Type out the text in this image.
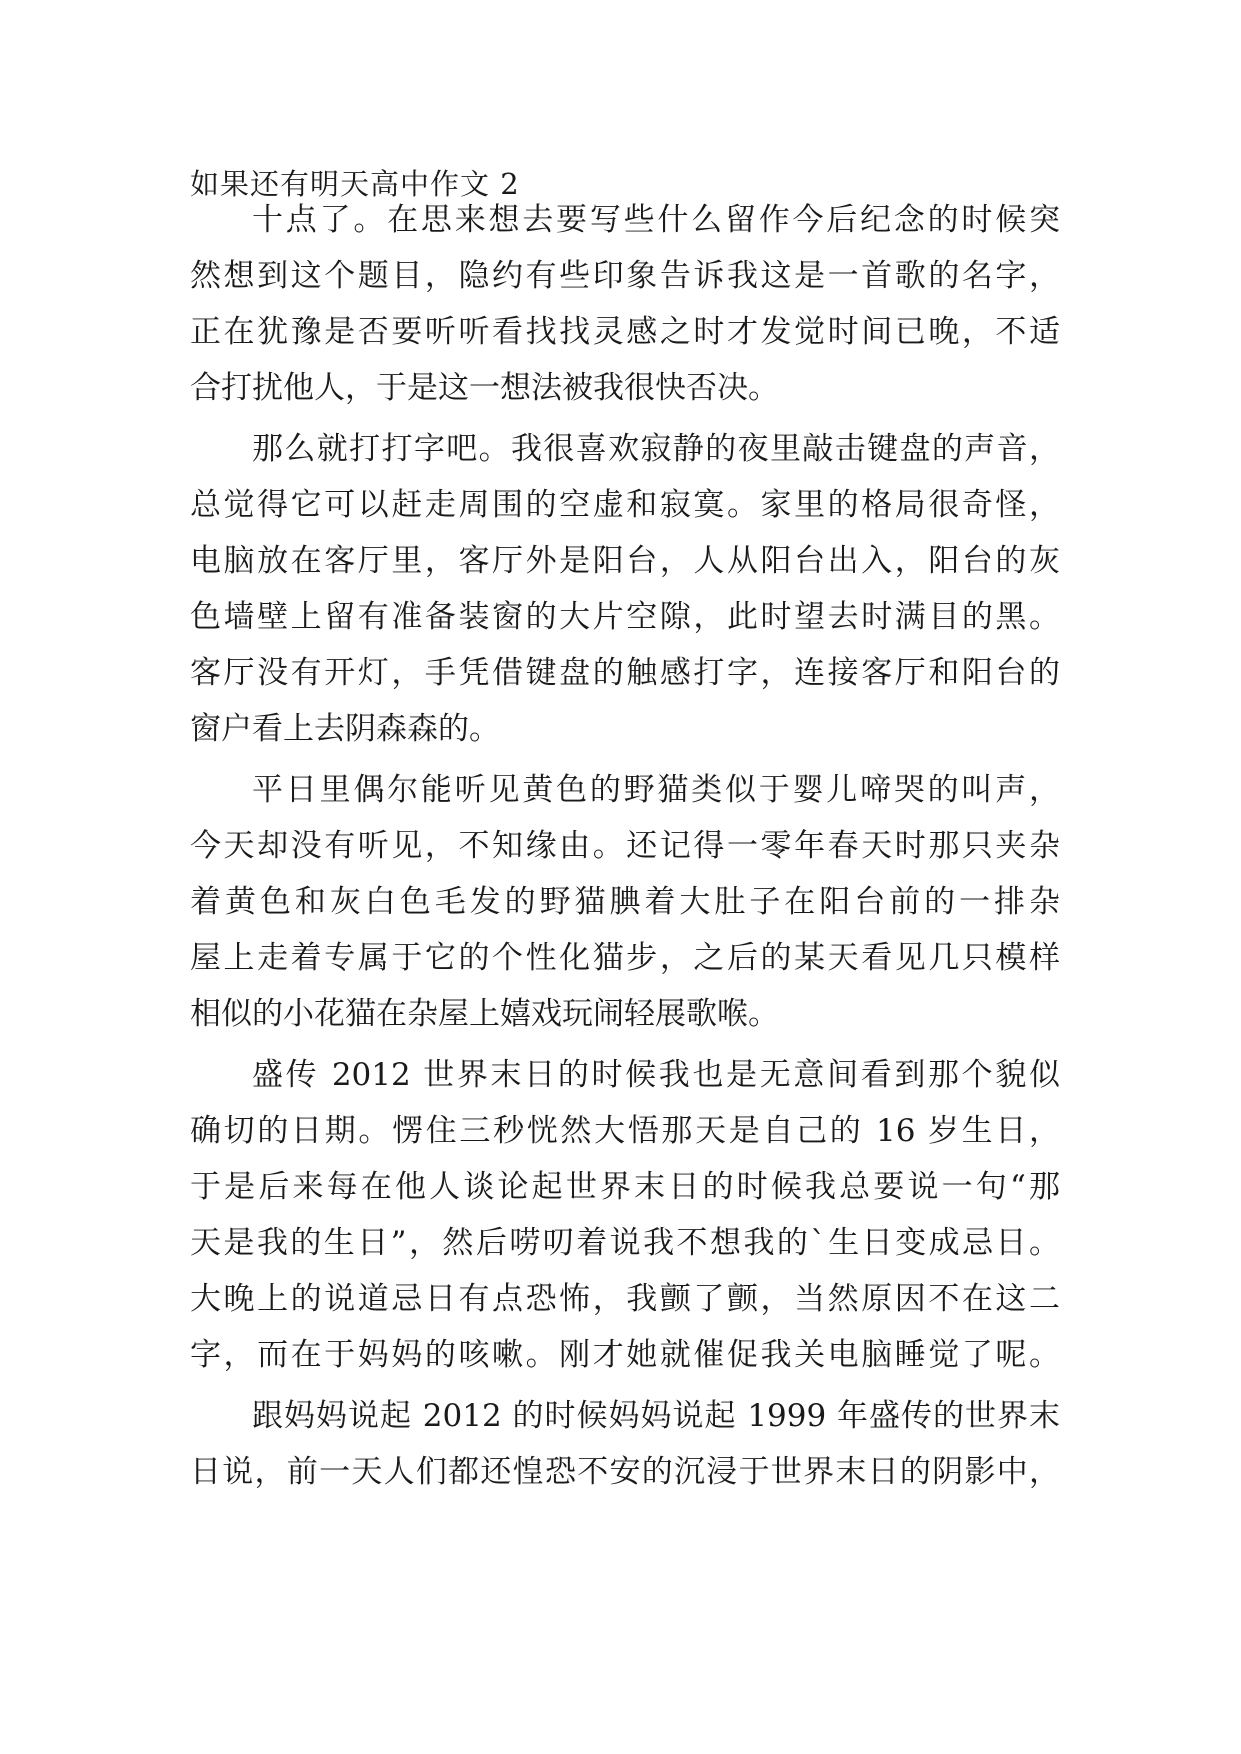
如果还有明天高中作文 2
十点了。在思来想去要写些什么留作今后纪念的时候突
然想到这个题目，隐约有些印象告诉我这是一首歌的名字，
正在犹豫是否要听听看找找灵感之时才发觉时间已晚，不适
合打扰他人，于是这一想法被我很快否决。
那么就打打字吧。我很喜欢寂静的夜里敲击键盘的声音，
总觉得它可以赶走周围的空虚和寂寞。家里的格局很奇怪，
电脑放在客厅里，客厅外是阳台，人从阳台出入，阳台的灰
色墙壁上留有准备装窗的大片空隙，此时望去时满目的黑。
客厅没有开灯，手凭借键盘的触感打字，连接客厅和阳台的
窗户看上去阴森森的。
平日里偶尔能听见黄色的野猫类似于婴儿啼哭的叫声，
今天却没有听见，不知缘由。还记得一零年春天时那只夹杂
着黄色和灰白色毛发的野猫腆着大肚子在阳台前的一排杂
屋上走着专属于它的个性化猫步，之后的某天看见几只模样
相似的小花猫在杂屋上嬉戏玩闹轻展歌喉。
盛传 2012 世界末日的时候我也是无意间看到那个貌似
确切的日期。愣住三秒恍然大悟那天是自己的 16 岁生日，
于是后来每在他人谈论起世界末日的时候我总要说一句“那
天是我的生日”，然后唠叨着说我不想我的`生日变成忌日。
大晚上的说道忌日有点恐怖，我颤了颤，当然原因不在这二
字，而在于妈妈的咳嗽。刚才她就催促我关电脑睡觉了呢。
跟妈妈说起 2012 的时候妈妈说起 1999 年盛传的世界末
日说，前一天人们都还惶恐不安的沉浸于世界末日的阴影中，
